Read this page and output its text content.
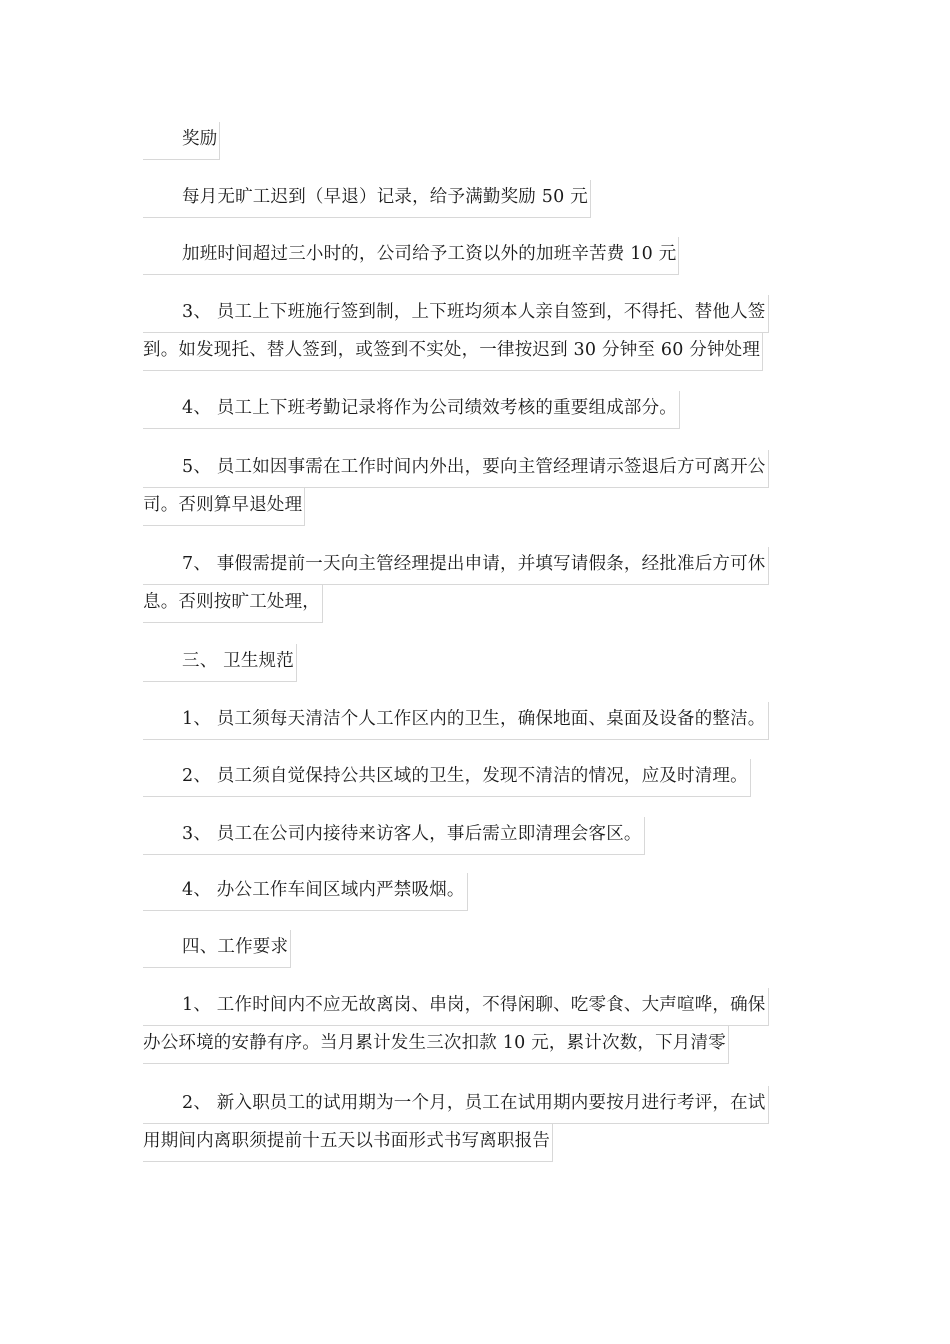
奖励
每月无旷工迟到（早退）记录，给予满勤奖励 50 元
加班时间超过三小时的，公司给予工资以外的加班辛苦费 10 元
3、 员工上下班施行签到制，上下班均须本人亲自签到，不得托、替他人签
到。如发现托、替人签到，或签到不实处，一律按迟到 30 分钟至 60 分钟处理
4、 员工上下班考勤记录将作为公司绩效考核的重要组成部分。
5、 员工如因事需在工作时间内外出，要向主管经理请示签退后方可离开公
司。否则算早退处理
7、 事假需提前一天向主管经理提出申请，并填写请假条，经批准后方可休
息。否则按旷工处理，
三、 卫生规范
1、 员工须每天清洁个人工作区内的卫生，确保地面、桌面及设备的整洁。
2、 员工须自觉保持公共区域的卫生，发现不清洁的情况，应及时清理。
3、 员工在公司内接待来访客人，事后需立即清理会客区。
4、 办公工作车间区域内严禁吸烟。
四、工作要求
1、 工作时间内不应无故离岗、串岗，不得闲聊、吃零食、大声喧哗，确保
办公环境的安静有序。当月累计发生三次扣款 10 元，累计次数，下月清零
2、 新入职员工的试用期为一个月，员工在试用期内要按月进行考评，在试
用期间内离职须提前十五天以书面形式书写离职报告
